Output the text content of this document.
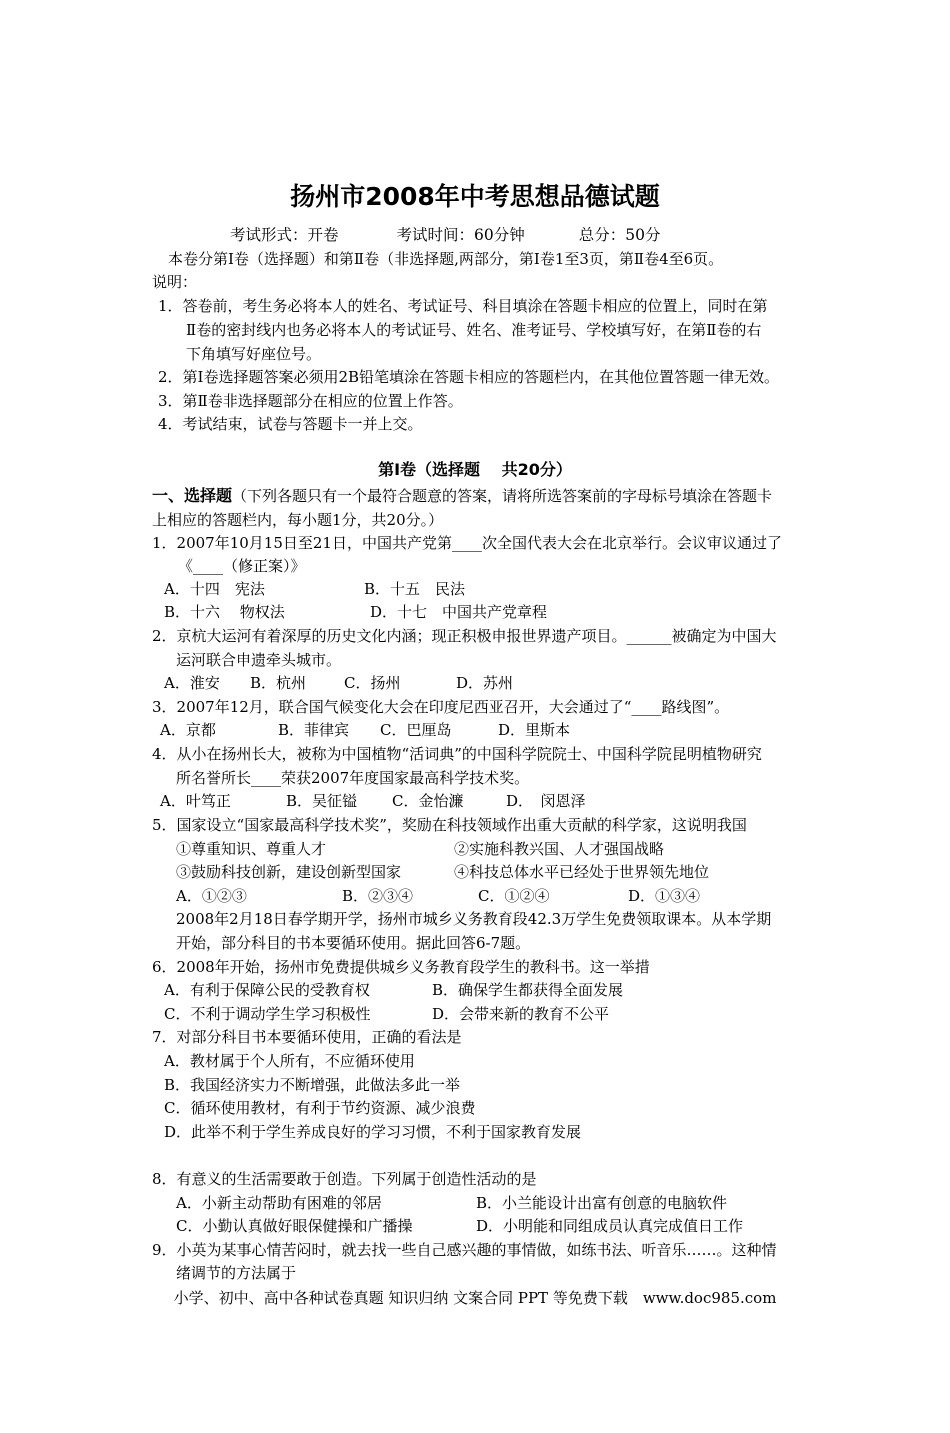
扬州市2008年中考思想品德试题
考试形式：开卷	考试时间：60分钟	总分：50分
本卷分第Ⅰ卷（选择题）和第Ⅱ卷（非选择题,两部分，第Ⅰ卷1至3页，第Ⅱ卷4至6页。
说明：
1．答卷前，考生务必将本人的姓名、考试证号、科目填涂在答题卡相应的位置上，同时在第
Ⅱ卷的密封线内也务必将本人的考试证号、姓名、准考证号、学校填写好，在第Ⅱ卷的右
下角填写好座位号。
2．第Ⅰ卷选择题答案必须用2B铅笔填涂在答题卡相应的答题栏内，在其他位置答题一律无效。
3．第Ⅱ卷非选择题部分在相应的位置上作答。
4．考试结束，试卷与答题卡一并上交。
第Ⅰ卷（选择题　 共20分）
一、选择题（下列各题只有一个最符合题意的答案，请将所选答案前的字母标号填涂在答题卡
上相应的答题栏内，每小题1分，共20分。）
1．2007年10月15日至21日，中国共产党第____次全国代表大会在北京举行。会议审议通过了
《____（修正案）》
A．十四　宪法	B．十五　民法
B．十六　 物权法	D．十七　中国共产党章程
2．京杭大运河有着深厚的历史文化内涵；现正积极申报世界遗产项目。______被确定为中国大
运河联合申遗牵头城市。
A．淮安 B．杭州	C．扬州	D．苏州
3．2007年12月，联合国气候变化大会在印度尼西亚召开，大会通过了“____路线图”。
A．京都	B．菲律宾 C．巴厘岛	D．里斯本
4．从小在扬州长大，被称为中国植物“活词典”的中国科学院院士、中国科学院昆明植物研究
所名誉所长____荣获2007年度国家最高科学技术奖。
A．叶笃正	B．吴征镒 C．金怡濂	D．　闵恩泽
5．国家设立“国家最高科学技术奖”，奖励在科技领域作出重大贡献的科学家，这说明我国
①尊重知识、尊重人才	②实施科教兴国、人才强国战略
③鼓励科技创新，建设创新型国家	④科技总体水平已经处于世界领先地位
A．①②③	B．②③④	C．①②④	D．①③④
2008年2月18日春学期开学，扬州市城乡义务教育段42.3万学生免费领取课本。从本学期
开始，部分科目的书本要循环使用。据此回答6-7题。
6．2008年开始，扬州市免费提供城乡义务教育段学生的教科书。这一举措
A．有利于保障公民的受教育权	B．确保学生都获得全面发展
C．不利于调动学生学习积极性	D．会带来新的教育不公平
7．对部分科目书本要循环使用，正确的看法是
A．教材属于个人所有，不应循环使用
B．我国经济实力不断增强，此做法多此一举
C．循环使用教材，有利于节约资源、减少浪费
D．此举不利于学生养成良好的学习习惯，不利于国家教育发展
8．有意义的生活需要敢于创造。下列属于创造性活动的是
A．小新主动帮助有困难的邻居	B．小兰能设计出富有创意的电脑软件
C．小勤认真做好眼保健操和广播操	D．小明能和同组成员认真完成值日工作
9．小英为某事心情苦闷时，就去找一些自己感兴趣的事情做，如练书法、听音乐……。这种情
绪调节的方法属于
小学、初中、高中各种试卷真题 知识归纳 文案合同 PPT 等免费下载　www.doc985.com
